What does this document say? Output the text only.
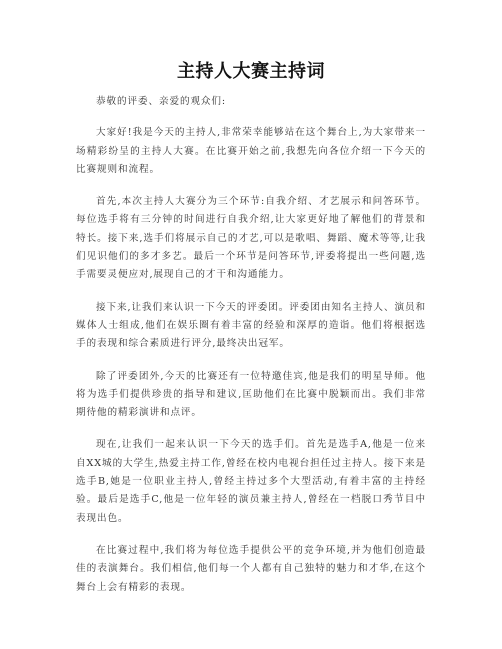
主持人大赛主持词

恭敬的评委、亲爱的观众们:

大家好!我是今天的主持人,非常荣幸能够站在这个舞台上,为大家带来一场精彩纷呈的主持人大赛。在比赛开始之前,我想先向各位介绍一下今天的比赛规则和流程。

首先,本次主持人大赛分为三个环节:自我介绍、才艺展示和问答环节。每位选手将有三分钟的时间进行自我介绍,让大家更好地了解他们的背景和特长。接下来,选手们将展示自己的才艺,可以是歌唱、舞蹈、魔术等等,让我们见识他们的多才多艺。最后一个环节是问答环节,评委将提出一些问题,选手需要灵便应对,展现自己的才干和沟通能力。

接下来,让我们来认识一下今天的评委团。评委团由知名主持人、演员和媒体人士组成,他们在娱乐圈有着丰富的经验和深厚的造诣。他们将根据选手的表现和综合素质进行评分,最终决出冠军。

除了评委团外,今天的比赛还有一位特邀佳宾,他是我们的明星导师。他将为选手们提供珍贵的指导和建议,匡助他们在比赛中脱颖而出。我们非常期待他的精彩演讲和点评。

现在,让我们一起来认识一下今天的选手们。首先是选手A,他是一位来自XX城的大学生,热爱主持工作,曾经在校内电视台担任过主持人。接下来是选手B,她是一位职业主持人,曾经主持过多个大型活动,有着丰富的主持经验。最后是选手C,他是一位年轻的演员兼主持人,曾经在一档脱口秀节目中表现出色。

在比赛过程中,我们将为每位选手提供公平的竞争环境,并为他们创造最佳的表演舞台。我们相信,他们每一个人都有自己独特的魅力和才华,在这个舞台上会有精彩的表现。
